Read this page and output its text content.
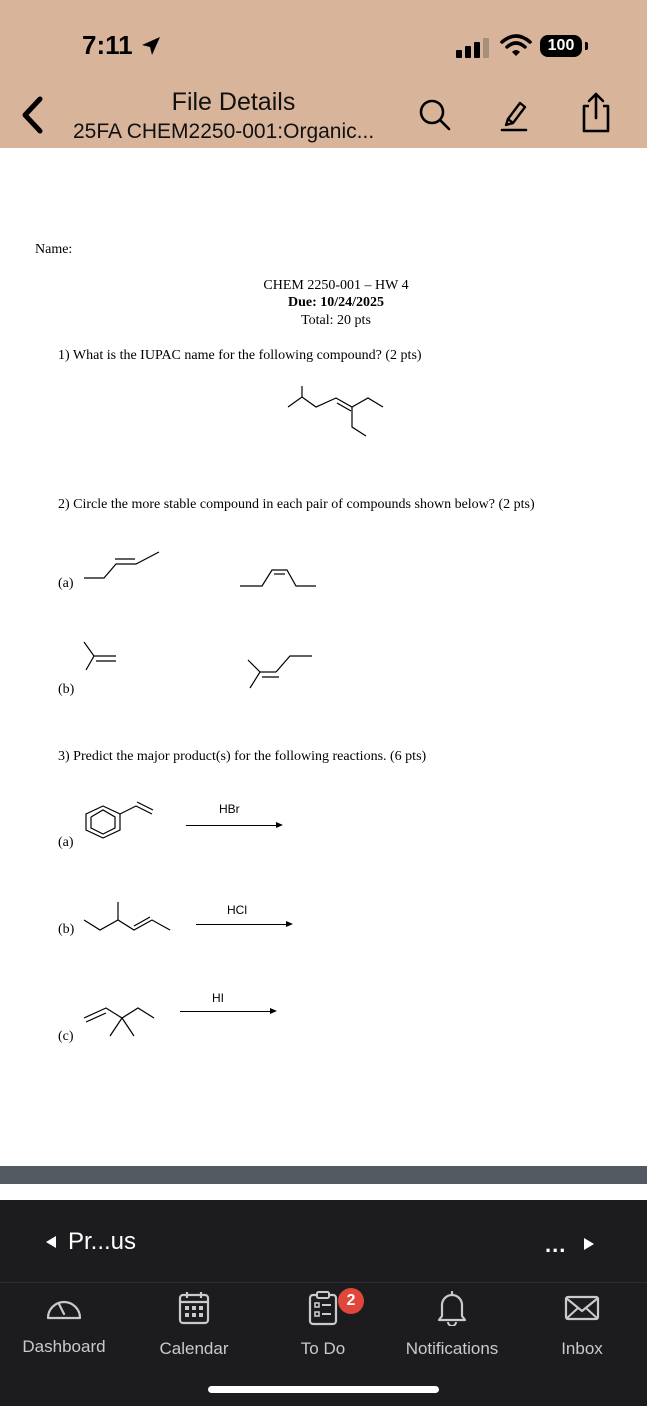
7:11	100
File Details
25FA CHEM2250-001:Organic...
Name:
CHEM 2250-001 – HW 4
Due: 10/24/2025
Total: 20 pts
1) What is the IUPAC name for the following compound? (2 pts)
2) Circle the more stable compound in each pair of compounds shown below? (2 pts)
(a)
(b)
3) Predict the major product(s) for the following reactions. (6 pts)
(a)
HBr
(b)
HCl
(c)
HI
Pr...us	...
Dashboard	Calendar	To Do
2
Notifications	Inbox
